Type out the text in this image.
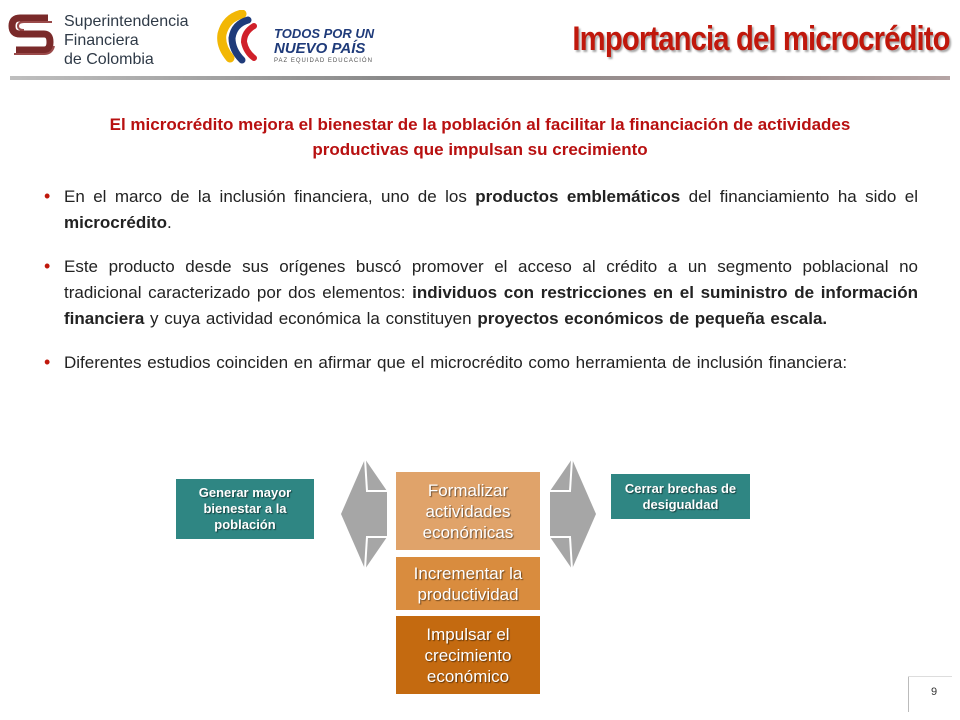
Superintendencia
Financiera
de Colombia
TODOS POR UN
NUEVO PAÍS
PAZ EQUIDAD EDUCACIÓN
Importancia del microcrédito

El microcrédito mejora el bienestar de la población al facilitar la financiación de actividades productivas que impulsan su crecimiento

• En el marco de la inclusión financiera, uno de los productos emblemáticos del financiamiento ha sido el microcrédito.
• Este producto desde sus orígenes buscó promover el acceso al crédito a un segmento poblacional no tradicional caracterizado por dos elementos: individuos con restricciones en el suministro de información financiera y cuya actividad económica la constituyen proyectos económicos de pequeña escala.
• Diferentes estudios coinciden en afirmar que el microcrédito como herramienta de inclusión financiera:
Generar mayor bienestar a la población
Formalizar actividades económicas
Incrementar la productividad
Impulsar el crecimiento económico
Cerrar brechas de desigualdad
9
